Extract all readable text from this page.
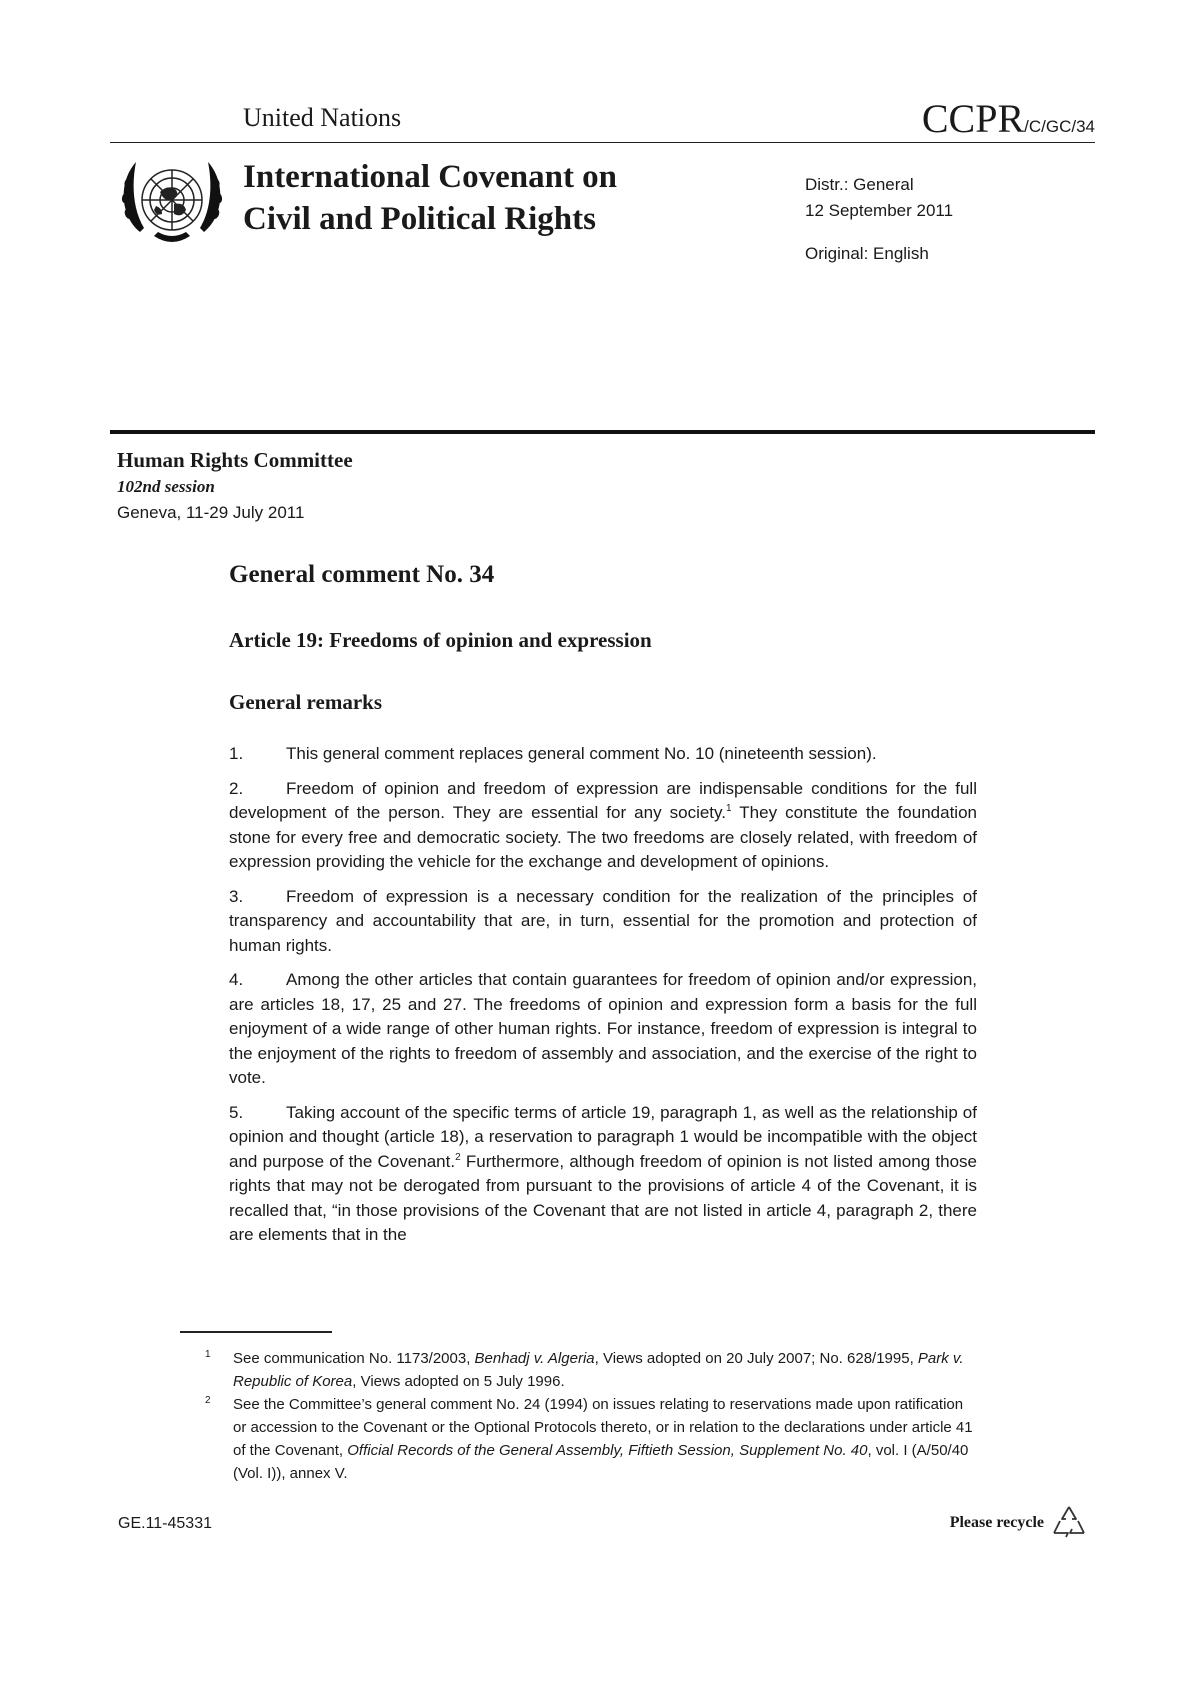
United Nations	CCPR/C/GC/34
International Covenant on
Civil and Political Rights
Distr.: General
12 September 2011
Original: English
Human Rights Committee
102nd session
Geneva, 11-29 July 2011
General comment No. 34
Article 19: Freedoms of opinion and expression
General remarks

1.	This general comment replaces general comment No. 10 (nineteenth session).

2.	Freedom of opinion and freedom of expression are indispensable conditions for the full development of the person. They are essential for any society.$^1$ They constitute the foundation stone for every free and democratic society. The two freedoms are closely related, with freedom of expression providing the vehicle for the exchange and development of opinions.

3.	Freedom of expression is a necessary condition for the realization of the principles of transparency and accountability that are, in turn, essential for the promotion and protection of human rights.

4.	Among the other articles that contain guarantees for freedom of opinion and/or expression, are articles 18, 17, 25 and 27. The freedoms of opinion and expression form a basis for the full enjoyment of a wide range of other human rights. For instance, freedom of expression is integral to the enjoyment of the rights to freedom of assembly and association, and the exercise of the right to vote.

5.	Taking account of the specific terms of article 19, paragraph 1, as well as the relationship of opinion and thought (article 18), a reservation to paragraph 1 would be incompatible with the object and purpose of the Covenant.$^2$ Furthermore, although freedom of opinion is not listed among those rights that may not be derogated from pursuant to the provisions of article 4 of the Covenant, it is recalled that, “in those provisions of the Covenant that are not listed in article 4, paragraph 2, there are elements that in the

1 See communication No. 1173/2003, Benhadj v. Algeria, Views adopted on 20 July 2007; No. 628/1995, Park v. Republic of Korea, Views adopted on 5 July 1996.
2 See the Committee’s general comment No. 24 (1994) on issues relating to reservations made upon ratification or accession to the Covenant or the Optional Protocols thereto, or in relation to the declarations under article 41 of the Covenant, Official Records of the General Assembly, Fiftieth Session, Supplement No. 40, vol. I (A/50/40 (Vol. I)), annex V.
GE.11-45331	Please recycle
